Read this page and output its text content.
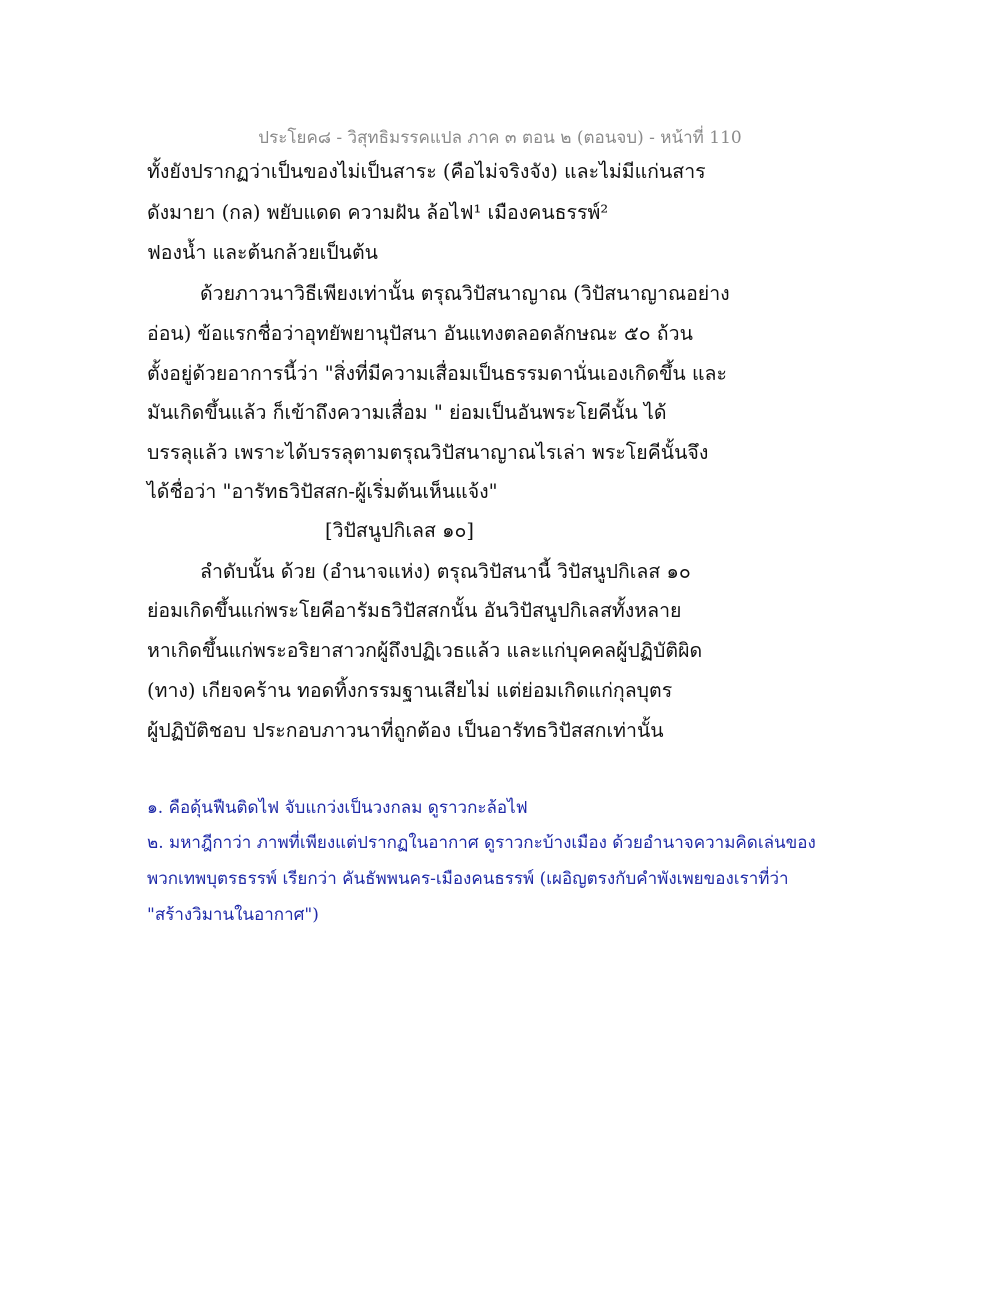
ประโยค๘ - วิสุทธิมรรคแปล ภาค ๓ ตอน ๒ (ตอนจบ) - หน้าที่ 110
ทั้งยังปรากฏว่าเป็นของไม่เป็นสาระ (คือไม่จริงจัง) และไม่มีแก่นสาร
ดังมายา (กล) พยับแดด ความฝัน ล้อไฟ¹ เมืองคนธรรพ์²
ฟองน้ำ และต้นกล้วยเป็นต้น
ด้วยภาวนาวิธีเพียงเท่านั้น ตรุณวิปัสนาญาณ (วิปัสนาญาณอย่าง
อ่อน) ข้อแรกชื่อว่าอุทยัพยานุปัสนา อันแทงตลอดลักษณะ ๕๐ ถ้วน
ตั้งอยู่ด้วยอาการนี้ว่า "สิ่งที่มีความเสื่อมเป็นธรรมดานั่นเองเกิดขึ้น และ
มันเกิดขึ้นแล้ว ก็เข้าถึงความเสื่อม " ย่อมเป็นอันพระโยคีนั้น ได้
บรรลุแล้ว เพราะได้บรรลุตามตรุณวิปัสนาญาณไรเล่า พระโยคีนั้นจึง
ได้ชื่อว่า "อารัทธวิปัสสก-ผู้เริ่มต้นเห็นแจ้ง"
[วิปัสนูปกิเลส ๑๐]
ลำดับนั้น ด้วย (อำนาจแห่ง) ตรุณวิปัสนานี้ วิปัสนูปกิเลส ๑๐
ย่อมเกิดขึ้นแก่พระโยคีอารัมธวิปัสสกนั้น อันวิปัสนูปกิเลสทั้งหลาย
หาเกิดขึ้นแก่พระอริยาสาวกผู้ถึงปฏิเวธแล้ว และแก่บุคคลผู้ปฏิบัติผิด
(ทาง) เกียจคร้าน ทอดทิ้งกรรมฐานเสียไม่ แต่ย่อมเกิดแก่กุลบุตร
ผู้ปฏิบัติชอบ ประกอบภาวนาที่ถูกต้อง เป็นอารัทธวิปัสสกเท่านั้น
๑. คือดุ้นฟืนติดไฟ จับแกว่งเป็นวงกลม ดูราวกะล้อไฟ
๒. มหาฎีกาว่า ภาพที่เพียงแต่ปรากฏในอากาศ ดูราวกะบ้างเมือง ด้วยอำนาจความคิดเล่นของ
พวกเทพบุตรธรรพ์ เรียกว่า คันธัพพนคร-เมืองคนธรรพ์ (เผอิญตรงกับคำพังเพยของเราที่ว่า
"สร้างวิมานในอากาศ")
